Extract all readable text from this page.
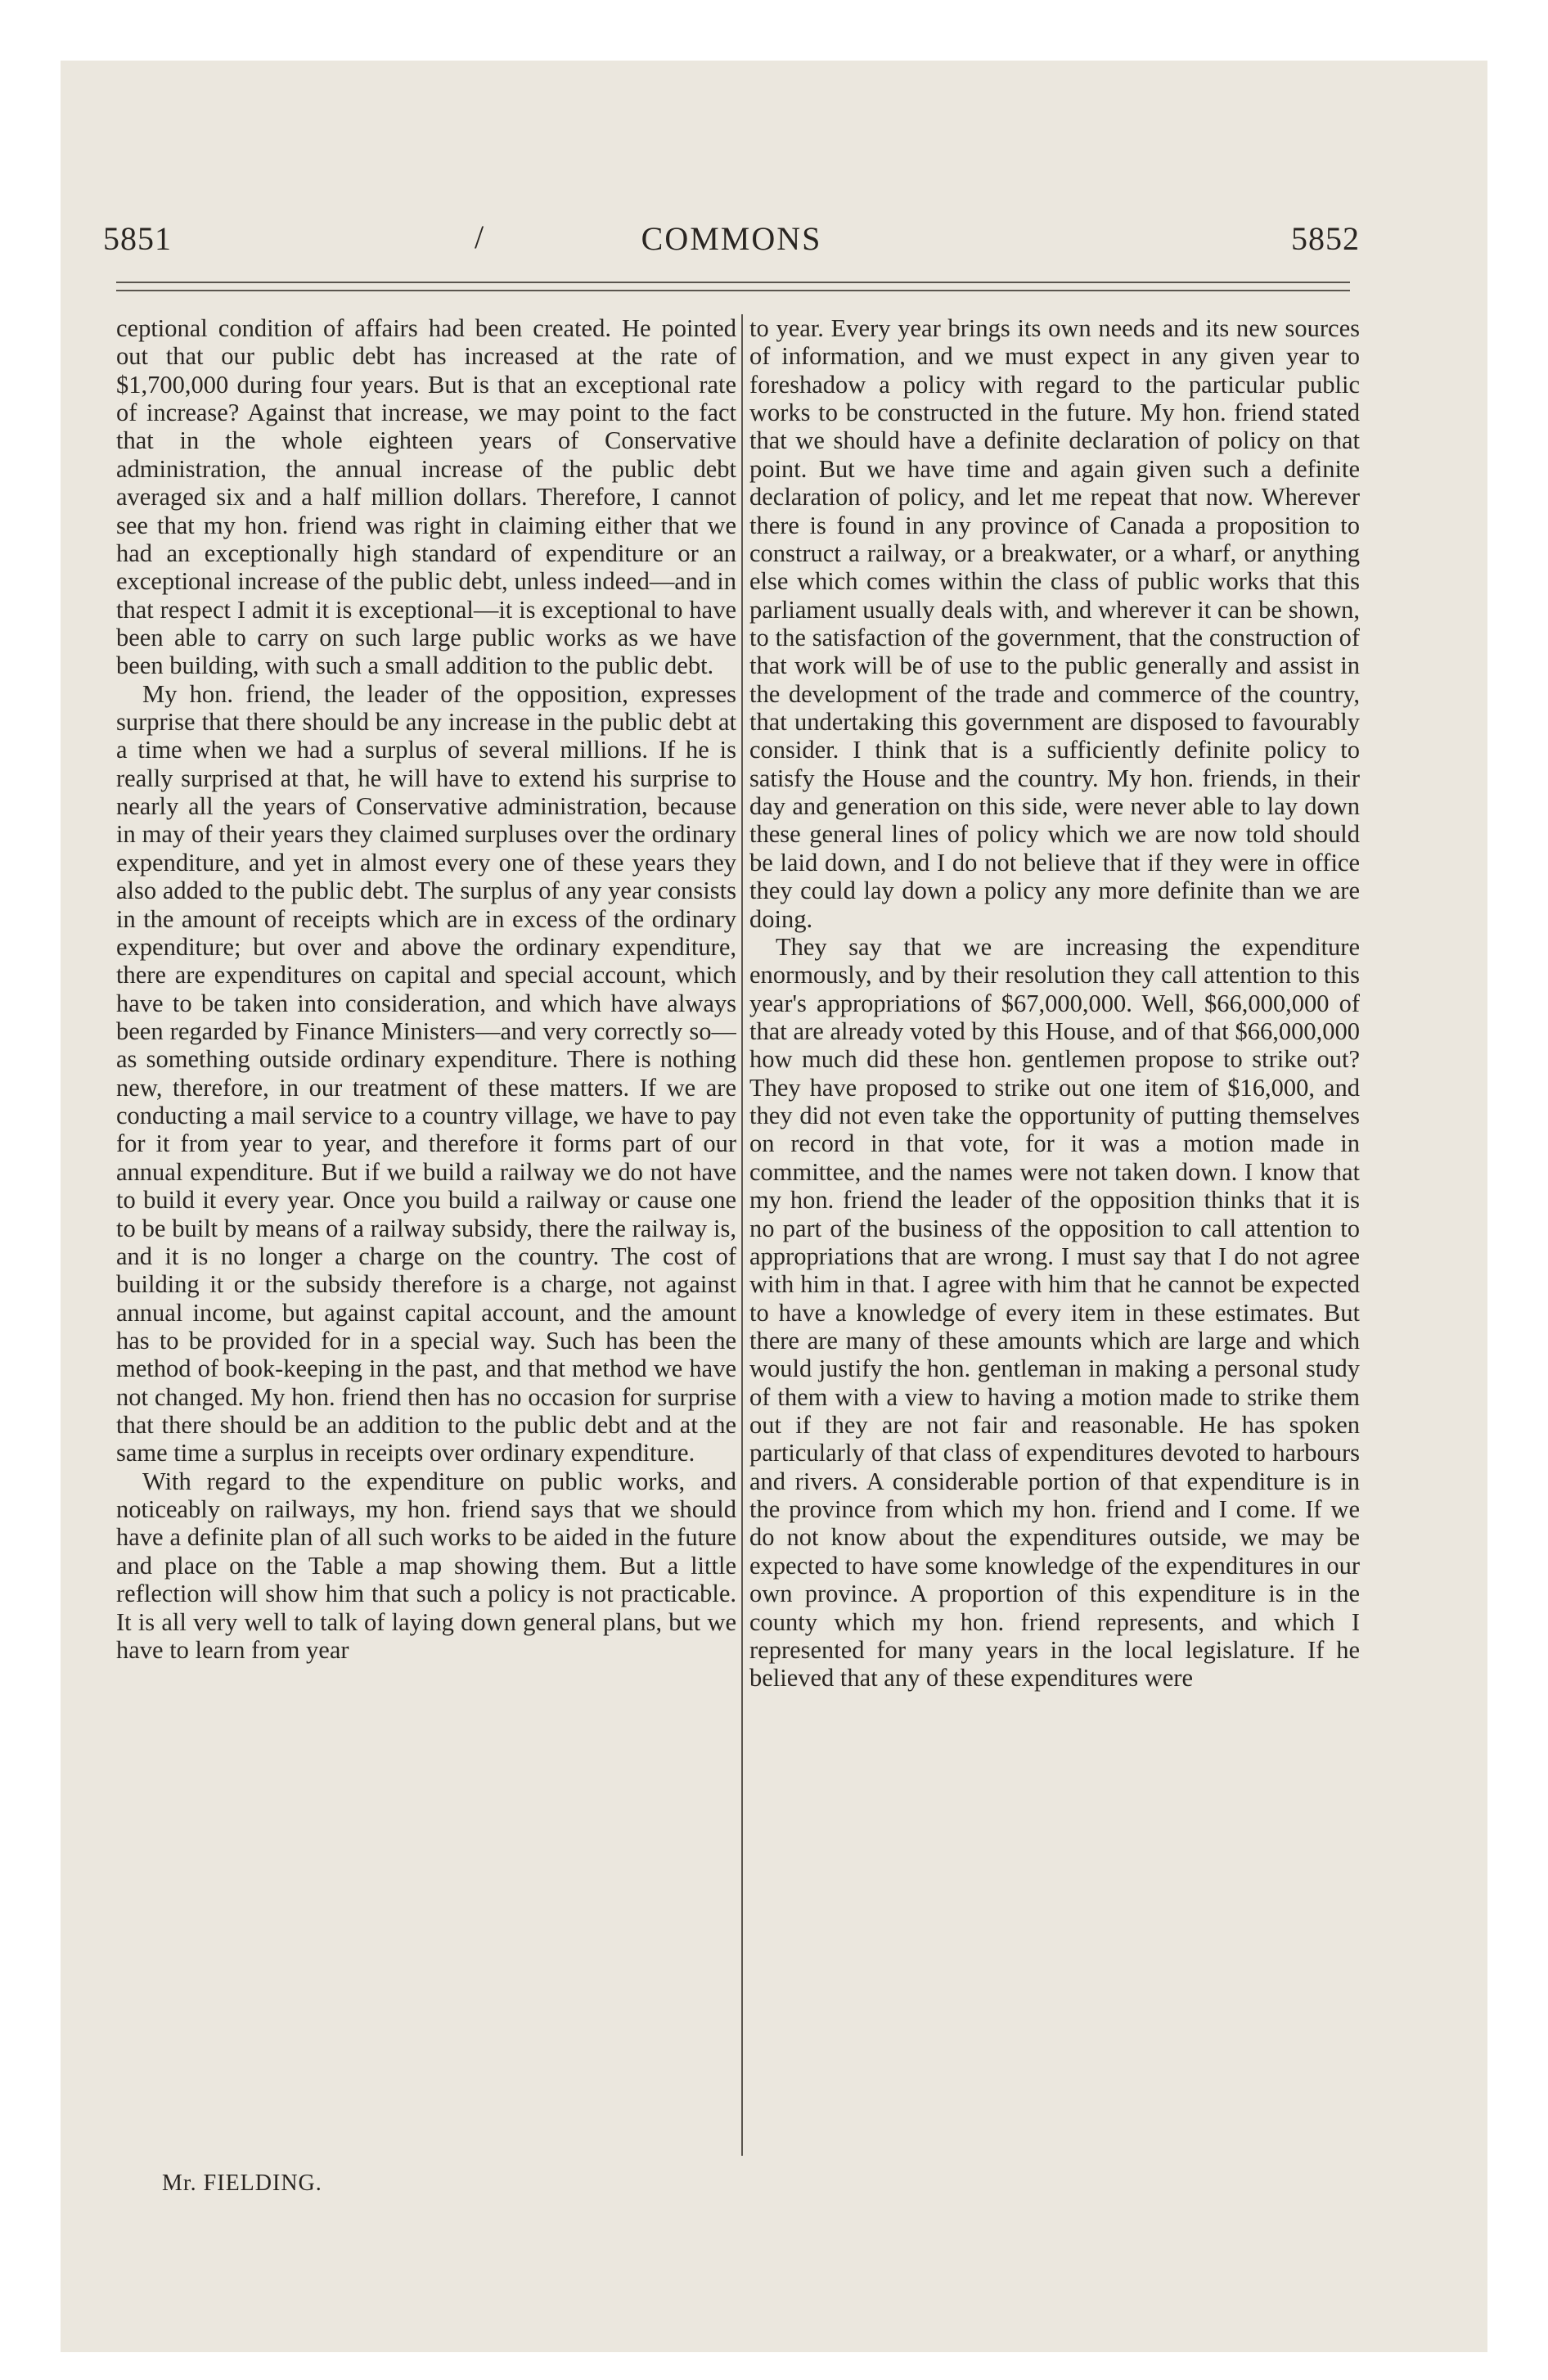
5851	/	COMMONS	5852

ceptional condition of affairs had been created. He pointed out that our public debt has increased at the rate of $1,700,000 during four years. But is that an exceptional rate of increase? Against that increase, we may point to the fact that in the whole eighteen years of Conservative administration, the annual increase of the public debt averaged six and a half million dollars. Therefore, I cannot see that my hon. friend was right in claiming either that we had an exceptionally high standard of expenditure or an exceptional increase of the public debt, unless indeed—and in that respect I admit it is exceptional—it is exceptional to have been able to carry on such large public works as we have been building, with such a small addition to the public debt.

My hon. friend, the leader of the opposition, expresses surprise that there should be any increase in the public debt at a time when we had a surplus of several millions. If he is really surprised at that, he will have to extend his surprise to nearly all the years of Conservative administration, because in may of their years they claimed surpluses over the ordinary expenditure, and yet in almost every one of these years they also added to the public debt. The surplus of any year consists in the amount of receipts which are in excess of the ordinary expenditure; but over and above the ordinary expenditure, there are expenditures on capital and special account, which have to be taken into consideration, and which have always been regarded by Finance Ministers—and very correctly so—as something outside ordinary expenditure. There is nothing new, therefore, in our treatment of these matters. If we are conducting a mail service to a country village, we have to pay for it from year to year, and therefore it forms part of our annual expenditure. But if we build a railway we do not have to build it every year. Once you build a railway or cause one to be built by means of a railway subsidy, there the railway is, and it is no longer a charge on the country. The cost of building it or the subsidy therefore is a charge, not against annual income, but against capital account, and the amount has to be provided for in a special way. Such has been the method of book-keeping in the past, and that method we have not changed. My hon. friend then has no occasion for surprise that there should be an addition to the public debt and at the same time a surplus in receipts over ordinary expenditure.

With regard to the expenditure on public works, and noticeably on railways, my hon. friend says that we should have a definite plan of all such works to be aided in the future and place on the Table a map showing them. But a little reflection will show him that such a policy is not practicable. It is all very well to talk of laying down general plans, but we have to learn from year

to year. Every year brings its own needs and its new sources of information, and we must expect in any given year to foreshadow a policy with regard to the particular public works to be constructed in the future. My hon. friend stated that we should have a definite declaration of policy on that point. But we have time and again given such a definite declaration of policy, and let me repeat that now. Wherever there is found in any province of Canada a proposition to construct a railway, or a breakwater, or a wharf, or anything else which comes within the class of public works that this parliament usually deals with, and wherever it can be shown, to the satisfaction of the government, that the construction of that work will be of use to the public generally and assist in the development of the trade and commerce of the country, that undertaking this government are disposed to favourably consider. I think that is a sufficiently definite policy to satisfy the House and the country. My hon. friends, in their day and generation on this side, were never able to lay down these general lines of policy which we are now told should be laid down, and I do not believe that if they were in office they could lay down a policy any more definite than we are doing.

They say that we are increasing the expenditure enormously, and by their resolution they call attention to this year's appropriations of $67,000,000. Well, $66,000,000 of that are already voted by this House, and of that $66,000,000 how much did these hon. gentlemen propose to strike out? They have proposed to strike out one item of $16,000, and they did not even take the opportunity of putting themselves on record in that vote, for it was a motion made in committee, and the names were not taken down. I know that my hon. friend the leader of the opposition thinks that it is no part of the business of the opposition to call attention to appropriations that are wrong. I must say that I do not agree with him in that. I agree with him that he cannot be expected to have a knowledge of every item in these estimates. But there are many of these amounts which are large and which would justify the hon. gentleman in making a personal study of them with a view to having a motion made to strike them out if they are not fair and reasonable. He has spoken particularly of that class of expenditures devoted to harbours and rivers. A considerable portion of that expenditure is in the province from which my hon. friend and I come. If we do not know about the expenditures outside, we may be expected to have some knowledge of the expenditures in our own province. A proportion of this expenditure is in the county which my hon. friend represents, and which I represented for many years in the local legislature. If he believed that any of these expenditures were

Mr. FIELDING.
